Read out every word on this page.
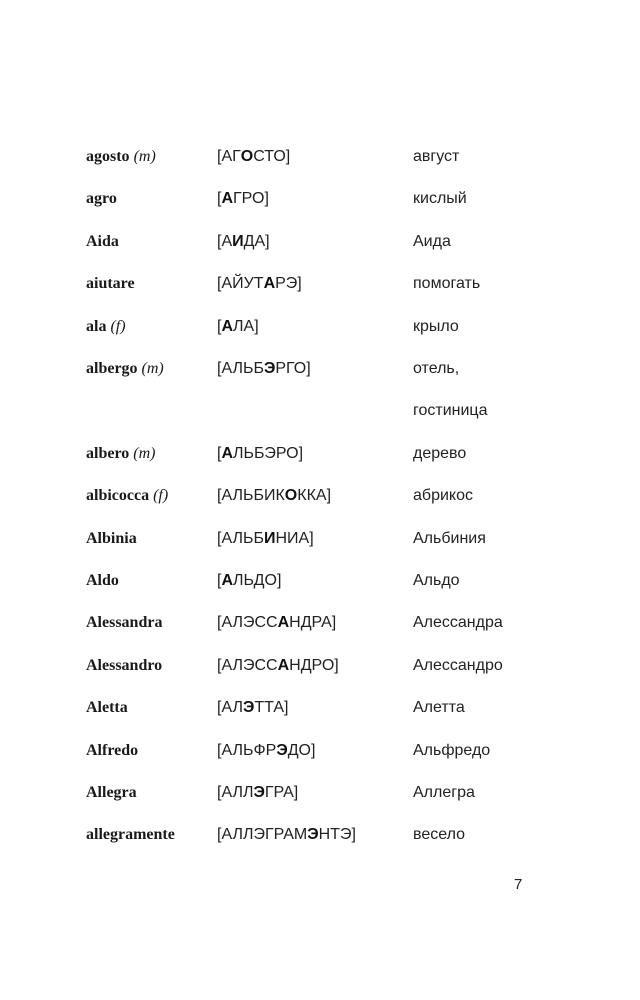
agosto (m)	[АГОСТО]	август
agro	[АГРО]	кислый
Aida	[АИДА]	Аида
aiutare	[АЙУТАРЭ]	помогать
ala (f)	[АЛА]	крыло
albergo (m)	[АЛЬБЭРГО]	отель,
гостиница
albero (m)	[АЛЬБЭРО]	дерево
albicocca (f)	[АЛЬБИКОККА]	абрикос
Albinia	[АЛЬБИНИА]	Альбиния
Aldo	[АЛЬДО]	Альдо
Alessandra	[АЛЭССАНДРА]	Алессандра
Alessandro	[АЛЭССАНДРО]	Алессандро
Aletta	[АЛЭТТА]	Алетта
Alfredo	[АЛЬФРЭДО]	Альфредо
Allegra	[АЛЛЭГРА]	Аллегра
allegramente	[АЛЛЭГРАМЭНТЭ]	весело
7
